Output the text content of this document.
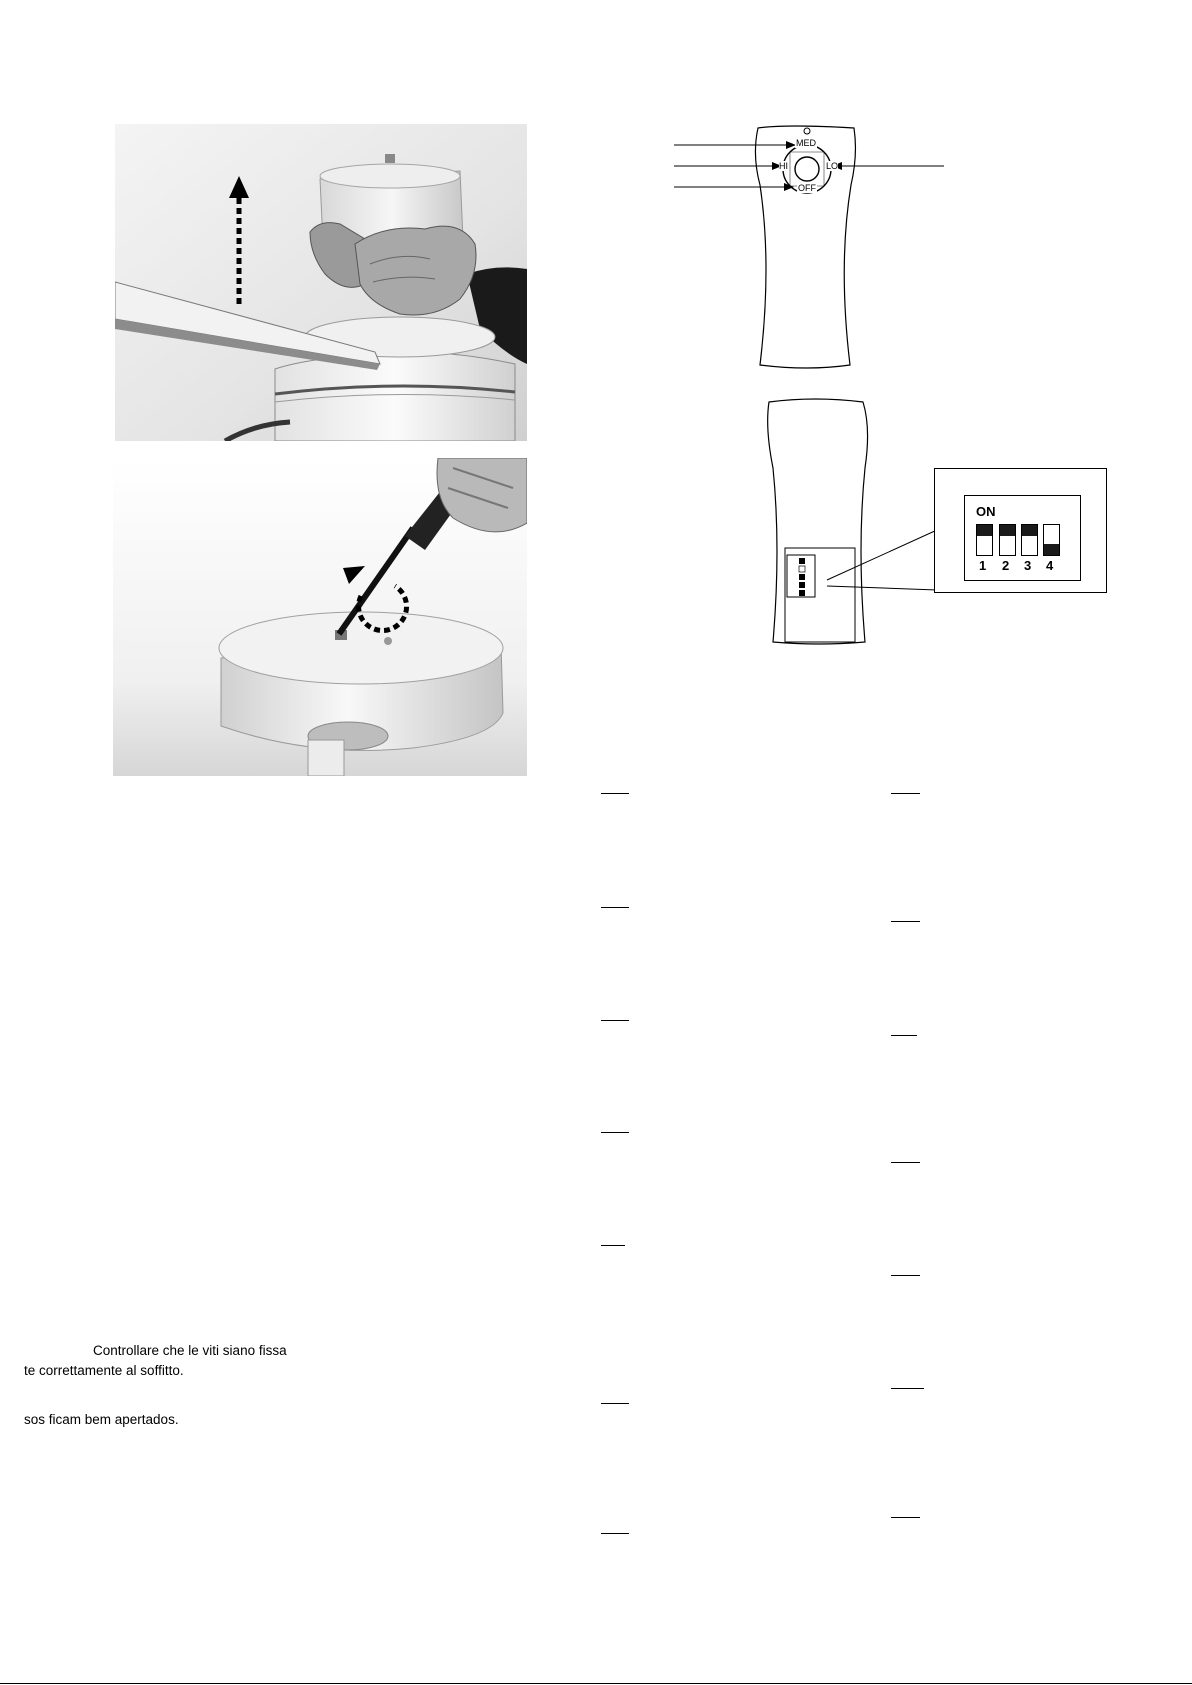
MED
HI	LO
OFF
ON
1 2 3 4
Controllare che le viti siano fissa
te correttamente al soffitto.
sos ficam bem apertados.
